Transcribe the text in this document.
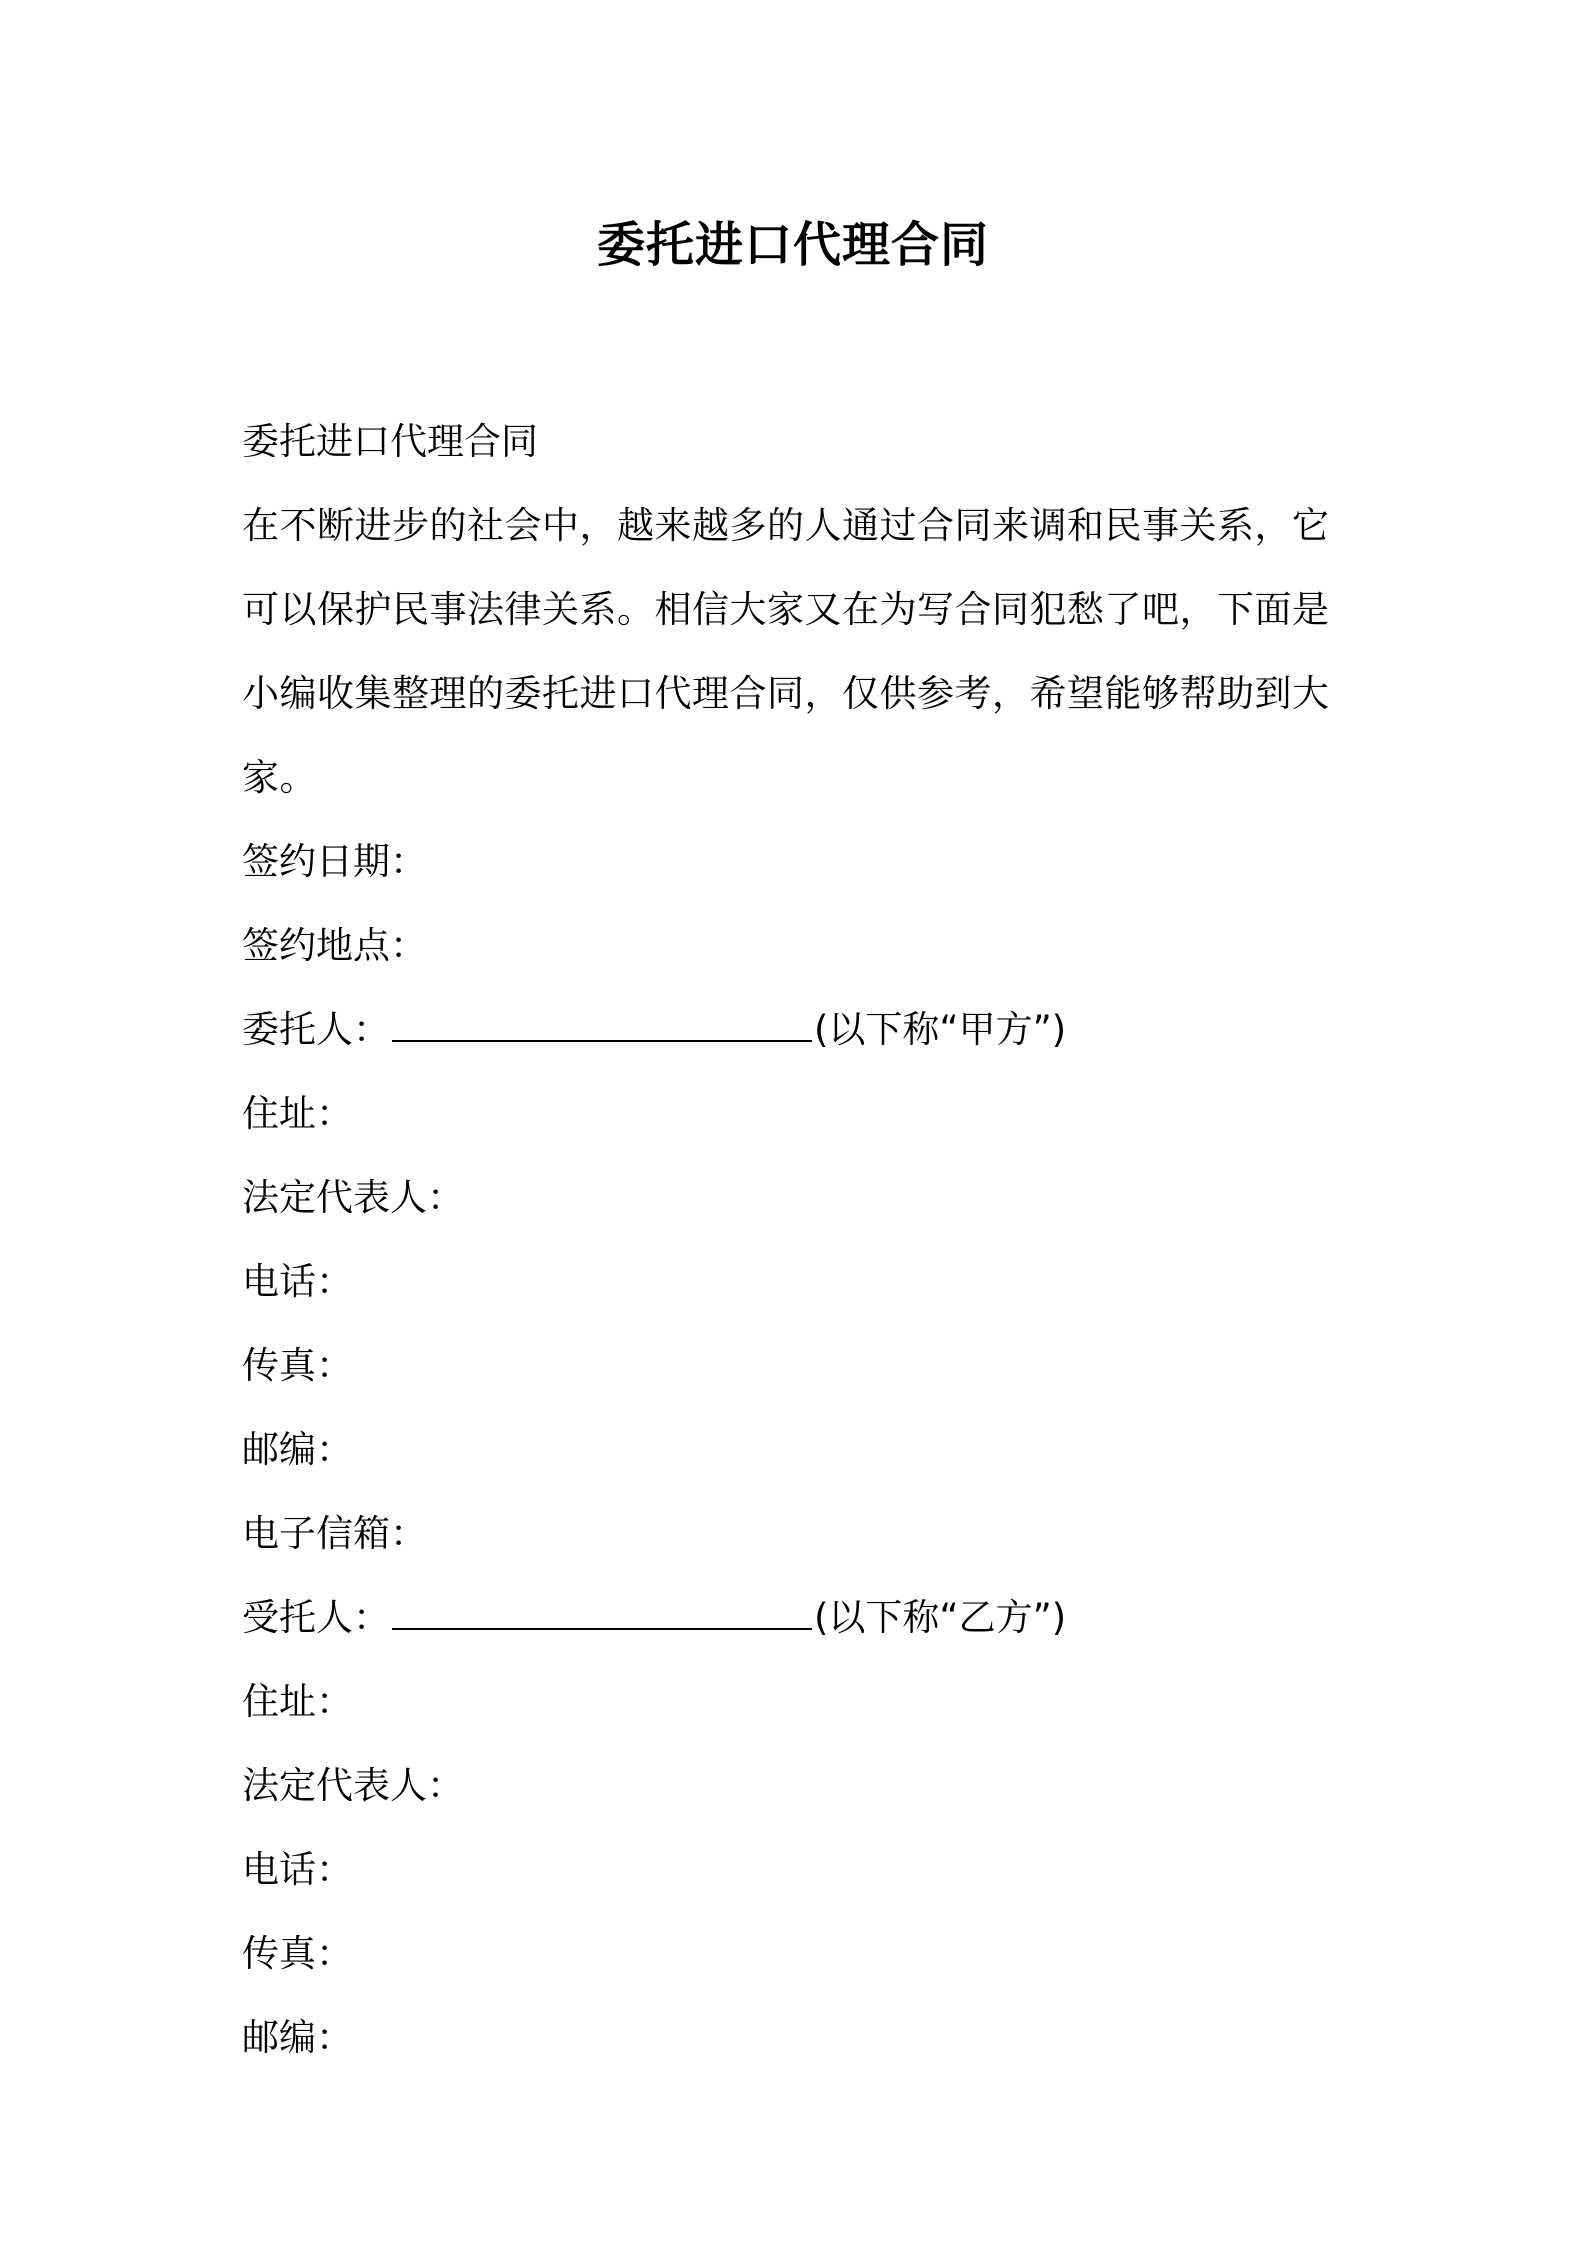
委托进口代理合同

委托进口代理合同

在不断进步的社会中，越来越多的人通过合同来调和民事关系，它可以保护民事法律关系。相信大家又在为写合同犯愁了吧，下面是小编收集整理的委托进口代理合同，仅供参考，希望能够帮助到大家。

签约日期：

签约地点：

委托人：	(以下称“甲方”)

住址：

法定代表人：

电话：

传真：

邮编：

电子信箱：

受托人：	(以下称“乙方”)

住址：

法定代表人：

电话：

传真：

邮编：
